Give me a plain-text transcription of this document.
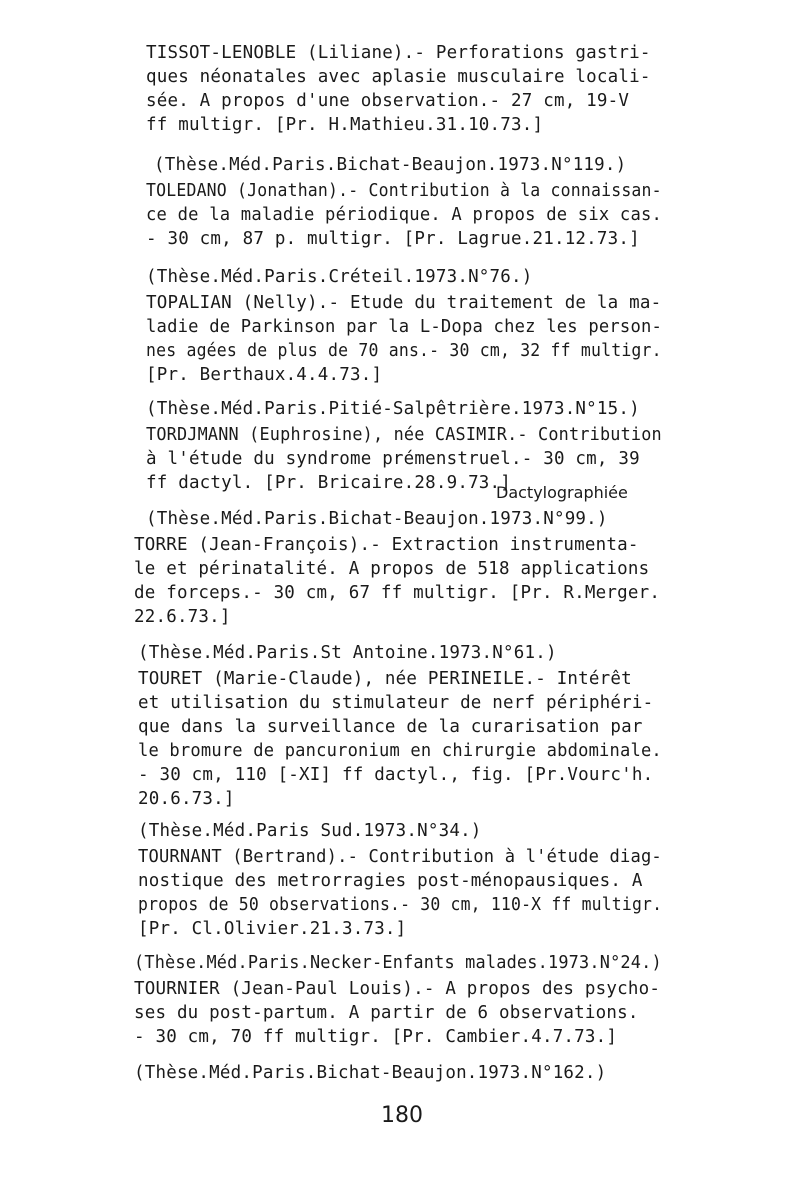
TISSOT-LENOBLE (Liliane).- Perforations gastri-
ques néonatales avec aplasie musculaire locali-
sée. A propos d'une observation.- 27 cm, 19-V
ff multigr. [Pr. H.Mathieu.31.10.73.]
(Thèse.Méd.Paris.Bichat-Beaujon.1973.N°119.)
TOLEDANO (Jonathan).- Contribution à la connaissan-
ce de la maladie périodique. A propos de six cas.
- 30 cm, 87 p. multigr. [Pr. Lagrue.21.12.73.]
(Thèse.Méd.Paris.Créteil.1973.N°76.)
TOPALIAN (Nelly).- Etude du traitement de la ma-
ladie de Parkinson par la L-Dopa chez les person-
nes agées de plus de 70 ans.- 30 cm, 32 ff multigr.
[Pr. Berthaux.4.4.73.]
(Thèse.Méd.Paris.Pitié-Salpêtrière.1973.N°15.)
TORDJMANN (Euphrosine), née CASIMIR.- Contribution
à l'étude du syndrome prémenstruel.- 30 cm, 39
ff dactyl. [Pr. Bricaire.28.9.73.]
Dactylographiée
(Thèse.Méd.Paris.Bichat-Beaujon.1973.N°99.)
TORRE (Jean-François).- Extraction instrumenta-
le et périnatalité. A propos de 518 applications
de forceps.- 30 cm, 67 ff multigr. [Pr. R.Merger.
22.6.73.]
(Thèse.Méd.Paris.St Antoine.1973.N°61.)
TOURET (Marie-Claude), née PERINEILE.- Intérêt
et utilisation du stimulateur de nerf périphéri-
que dans la surveillance de la curarisation par
le bromure de pancuronium en chirurgie abdominale.
- 30 cm, 110 [-XI] ff dactyl., fig. [Pr.Vourc'h.
20.6.73.]
(Thèse.Méd.Paris Sud.1973.N°34.)
TOURNANT (Bertrand).- Contribution à l'étude diag-
nostique des metrorragies post-ménopausiques. A
propos de 50 observations.- 30 cm, 110-X ff multigr.
[Pr. Cl.Olivier.21.3.73.]
(Thèse.Méd.Paris.Necker-Enfants malades.1973.N°24.)
TOURNIER (Jean-Paul Louis).- A propos des psycho-
ses du post-partum. A partir de 6 observations.
- 30 cm, 70 ff multigr. [Pr. Cambier.4.7.73.]
(Thèse.Méd.Paris.Bichat-Beaujon.1973.N°162.)
180
